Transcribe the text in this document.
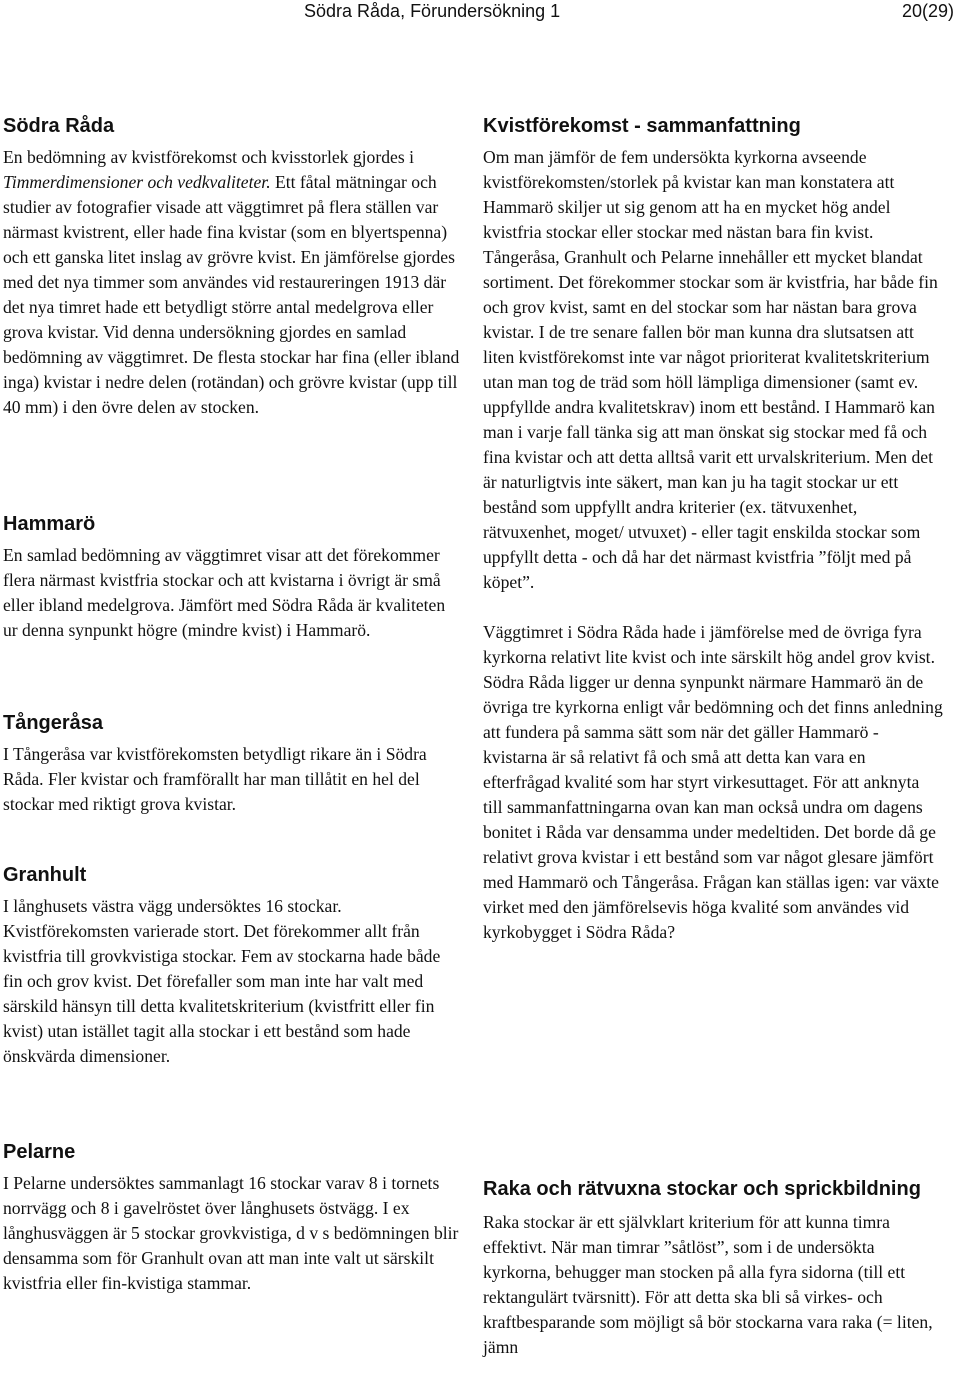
Södra Råda, Förundersökning 1	20(29)
Södra Råda

En bedömning av kvistförekomst och kvisstorlek gjordes i Timmerdimensioner och vedkvaliteter. Ett fåtal mätningar och studier av fotografier visade att väggtimret på flera ställen var närmast kvistrent, eller hade fina kvistar (som en blyertspenna) och ett ganska litet inslag av grövre kvist. En jämförelse gjordes med det nya timmer som användes vid restaureringen 1913 där det nya timret hade ett betydligt större antal medelgrova eller grova kvistar. Vid denna undersökning gjordes en samlad bedömning av väggtimret. De flesta stockar har fina (eller ibland inga) kvistar i nedre delen (rotändan) och grövre kvistar (upp till 40 mm) i den övre delen av stocken.

Hammarö

En samlad bedömning av väggtimret visar att det förekommer flera närmast kvistfria stockar och att kvistarna i övrigt är små eller ibland medelgrova. Jämfört med Södra Råda är kvaliteten ur denna synpunkt högre (mindre kvist) i Hammarö.

Tångeråsa

I Tångeråsa var kvistförekomsten betydligt rikare än i Södra Råda. Fler kvistar och framförallt har man tillåtit en hel del stockar med riktigt grova kvistar.

Granhult

I långhusets västra vägg undersöktes 16 stockar. Kvistförekomsten varierade stort. Det förekommer allt från kvistfria till grovkvistiga stockar. Fem av stockarna hade både fin och grov kvist. Det förefaller som man inte har valt med särskild hänsyn till detta kvalitetskriterium (kvistfritt eller fin kvist) utan istället tagit alla stockar i ett bestånd som hade önskvärda dimensioner.

Pelarne

I Pelarne undersöktes sammanlagt 16 stockar varav 8 i tornets norrvägg och 8 i gavelröstet över långhusets östvägg. I ex långhusväggen är 5 stockar grovkvistiga, d v s bedömningen blir densamma som för Granhult ovan att man inte valt ut särskilt kvistfria eller fin-kvistiga stammar.

Kvistförekomst - sammanfattning

Om man jämför de fem undersökta kyrkorna avseende kvistförekomsten/storlek på kvistar kan man konstatera att Hammarö skiljer ut sig genom att ha en mycket hög andel kvistfria stockar eller stockar med nästan bara fin kvist. Tångeråsa, Granhult och Pelarne innehåller ett mycket blandat sortiment. Det förekommer stockar som är kvistfria, har både fin och grov kvist, samt en del stockar som har nästan bara grova kvistar. I de tre senare fallen bör man kunna dra slutsatsen att liten kvistförekomst inte var något prioriterat kvalitetskriterium utan man tog de träd som höll lämpliga dimensioner (samt ev. uppfyllde andra kvalitetskrav) inom ett bestånd. I Hammarö kan man i varje fall tänka sig att man önskat sig stockar med få och fina kvistar och att detta alltså varit ett urvalskriterium. Men det är naturligtvis inte säkert, man kan ju ha tagit stockar ur ett bestånd som uppfyllt andra kriterier (ex. tätvuxenhet, rätvuxenhet, moget/ utvuxet) - eller tagit enskilda stockar som uppfyllt detta - och då har det närmast kvistfria ”följt med på köpet”.

Väggtimret i Södra Råda hade i jämförelse med de övriga fyra kyrkorna relativt lite kvist och inte särskilt hög andel grov kvist. Södra Råda ligger ur denna synpunkt närmare Hammarö än de övriga tre kyrkorna enligt vår bedömning och det finns anledning att fundera på samma sätt som när det gäller Hammarö - kvistarna är så relativt få och små att detta kan vara en efterfrågad kvalité som har styrt virkesuttaget. För att anknyta till sammanfattningarna ovan kan man också undra om dagens bonitet i Råda var densamma under medeltiden. Det borde då ge relativt grova kvistar i ett bestånd som var något glesare jämfört med Hammarö och Tångeråsa. Frågan kan ställas igen: var växte virket med den jämförelsevis höga kvalité som användes vid kyrkobygget i Södra Råda?

Raka och rätvuxna stockar och sprickbildning

Raka stockar är ett självklart kriterium för att kunna timra effektivt. När man timrar ”såtlöst”, som i de undersökta kyrkorna, behugger man stocken på alla fyra sidorna (till ett rektangulärt tvärsnitt). För att detta ska bli så virkes- och kraftbesparande som möjligt så bör stockarna vara raka (= liten, jämn
